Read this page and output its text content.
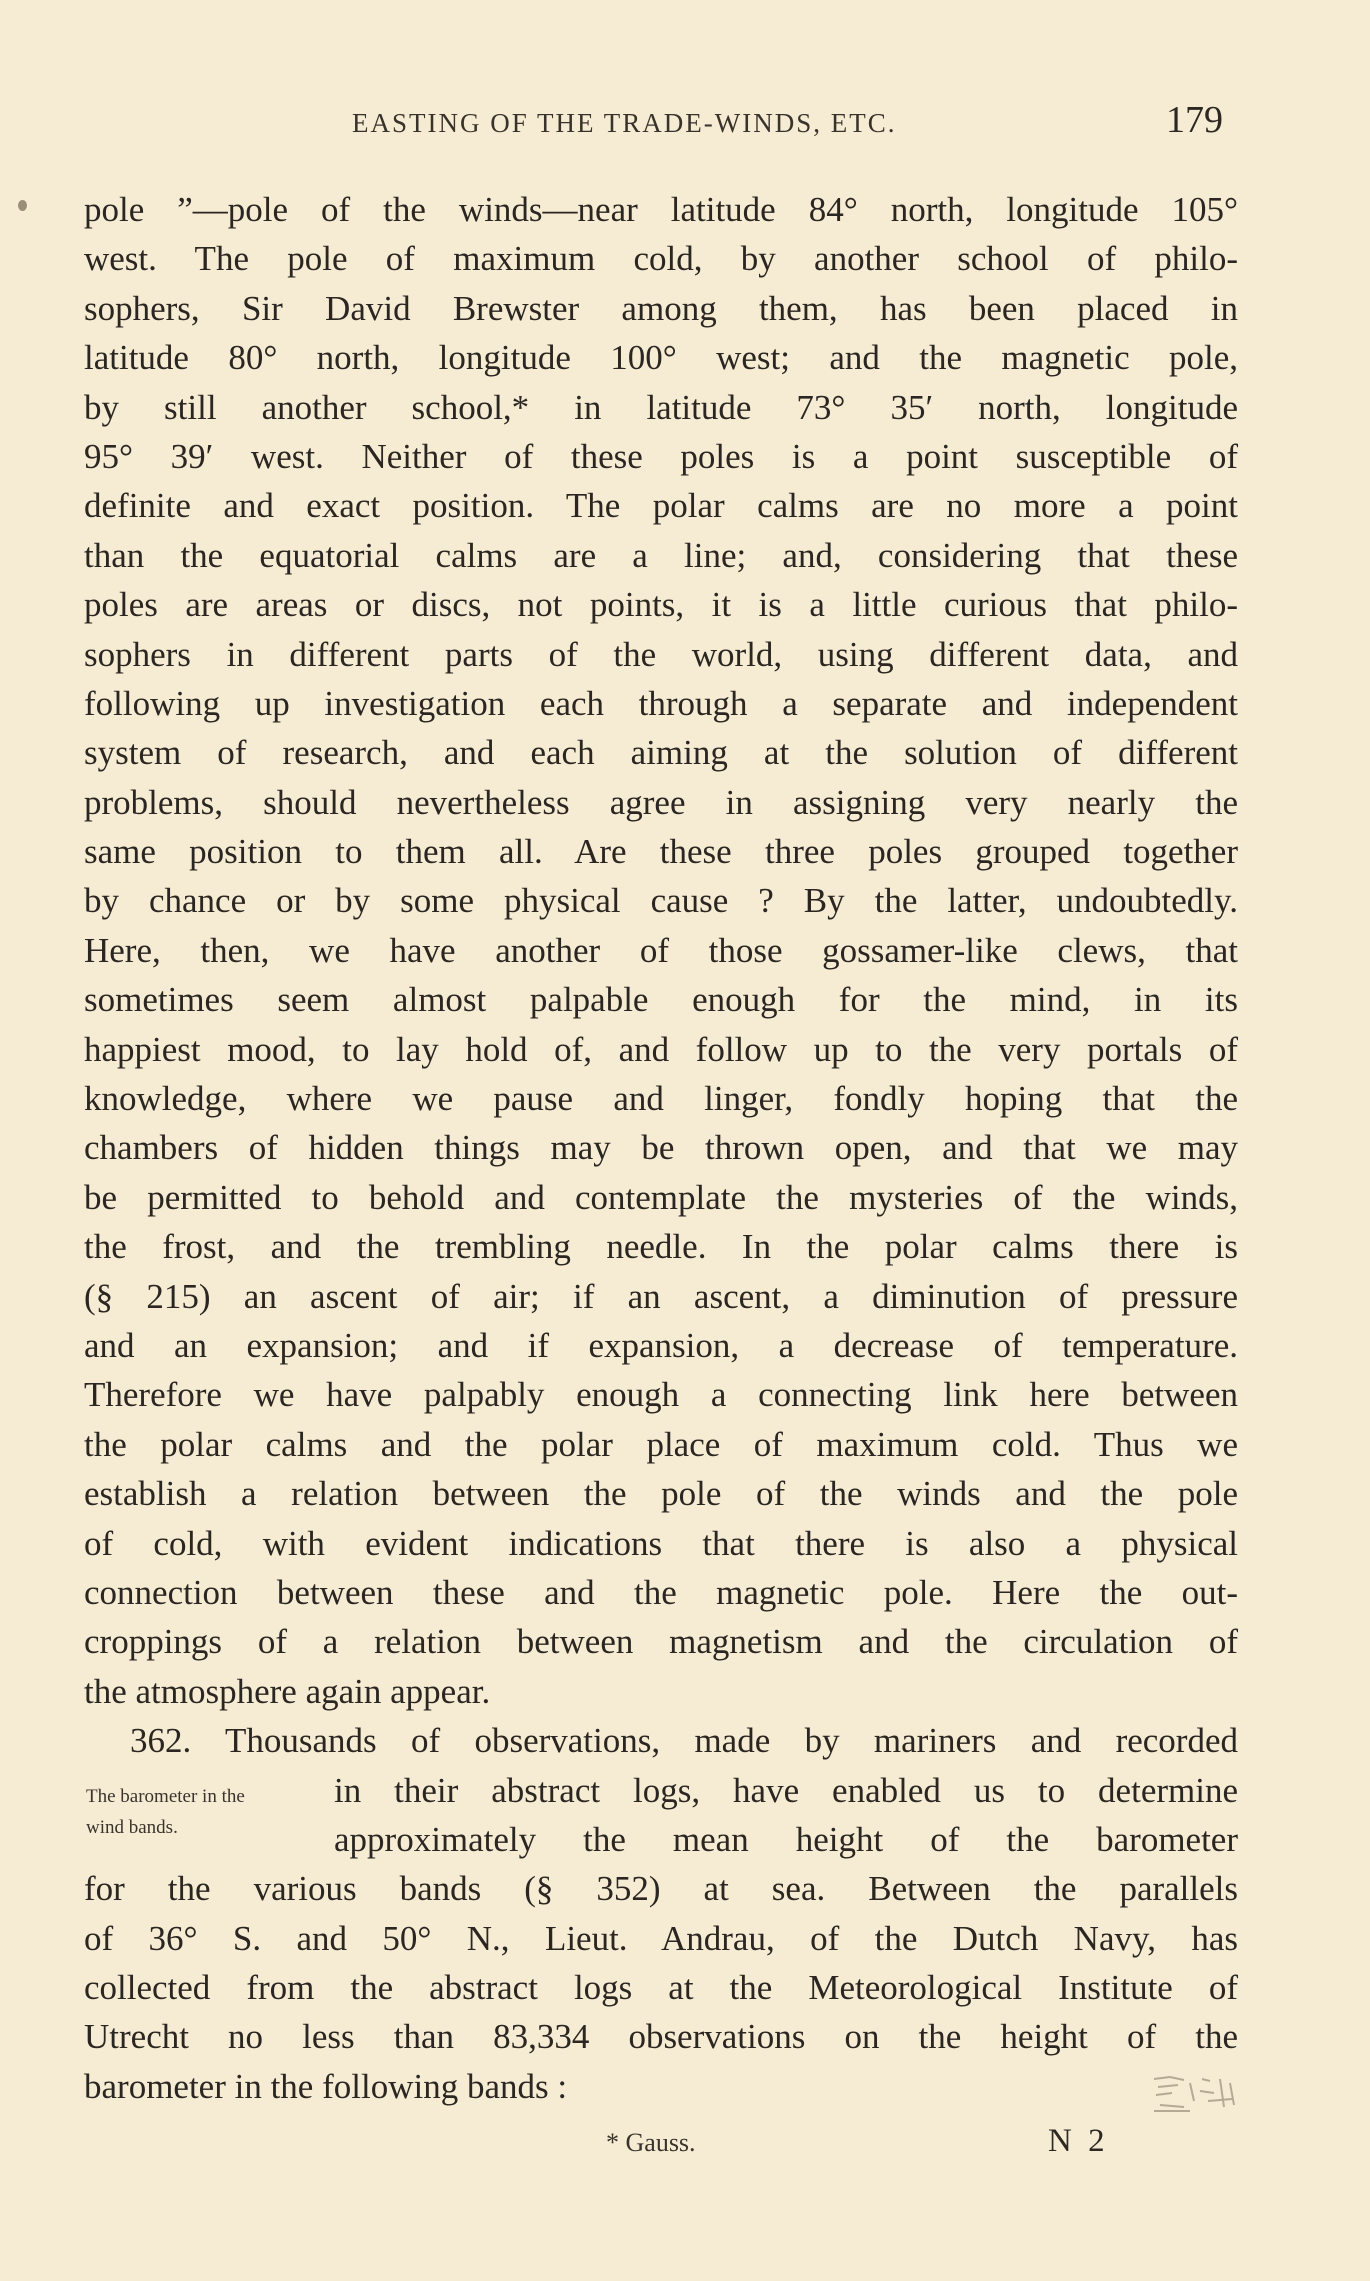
EASTING OF THE TRADE-WINDS, ETC.	179
pole ”—pole of the winds—near latitude 84° north, longitude 105°
west. The pole of maximum cold, by another school of philo-
sophers, Sir David Brewster among them, has been placed in
latitude 80° north, longitude 100° west; and the magnetic pole,
by still another school,* in latitude 73° 35′ north, longitude
95° 39′ west. Neither of these poles is a point susceptible of
definite and exact position. The polar calms are no more a point
than the equatorial calms are a line; and, considering that these
poles are areas or discs, not points, it is a little curious that philo-
sophers in different parts of the world, using different data, and
following up investigation each through a separate and independent
system of research, and each aiming at the solution of different
problems, should nevertheless agree in assigning very nearly the
same position to them all. Are these three poles grouped together
by chance or by some physical cause ? By the latter, undoubtedly.
Here, then, we have another of those gossamer-like clews, that
sometimes seem almost palpable enough for the mind, in its
happiest mood, to lay hold of, and follow up to the very portals of
knowledge, where we pause and linger, fondly hoping that the
chambers of hidden things may be thrown open, and that we may
be permitted to behold and contemplate the mysteries of the winds,
the frost, and the trembling needle. In the polar calms there is
(§ 215) an ascent of air; if an ascent, a diminution of pressure
and an expansion; and if expansion, a decrease of temperature.
Therefore we have palpably enough a connecting link here between
the polar calms and the polar place of maximum cold. Thus we
establish a relation between the pole of the winds and the pole
of cold, with evident indications that there is also a physical
connection between these and the magnetic pole. Here the out-
croppings of a relation between magnetism and the circulation of
the atmosphere again appear.
362. Thousands of observations, made by mariners and recorded
in their abstract logs, have enabled us to determine
approximately the mean height of the barometer
for the various bands (§ 352) at sea. Between the parallels
of 36° S. and 50° N., Lieut. Andrau, of the Dutch Navy, has
collected from the abstract logs at the Meteorological Institute of
Utrecht no less than 83,334 observations on the height of the
barometer in the following bands :
The barometer in the
wind bands.
* Gauss.	N 2
